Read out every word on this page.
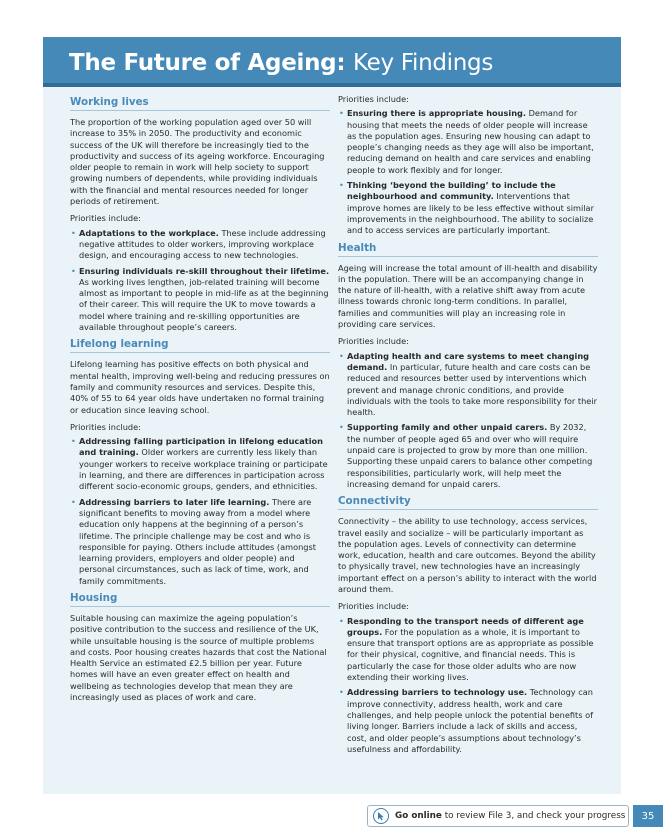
The Future of Ageing: Key Findings
Working lives

The proportion of the working population aged over 50 will increase to 35% in 2050. The productivity and economic success of the UK will therefore be increasingly tied to the productivity and success of its ageing workforce. Encouraging older people to remain in work will help society to support growing numbers of dependents, while providing individuals with the financial and mental resources needed for longer periods of retirement.

Priorities include:

• Adaptations to the workplace. These include addressing negative attitudes to older workers, improving workplace design, and encouraging access to new technologies.
• Ensuring individuals re-skill throughout their lifetime. As working lives lengthen, job-related training will become almost as important to people in mid-life as at the beginning of their career. This will require the UK to move towards a model where training and re-skilling opportunities are available throughout people’s careers.
Lifelong learning

Lifelong learning has positive effects on both physical and mental health, improving well-being and reducing pressures on family and community resources and services. Despite this, 40% of 55 to 64 year olds have undertaken no formal training or education since leaving school.

Priorities include:

• Addressing falling participation in lifelong education and training. Older workers are currently less likely than younger workers to receive workplace training or participate in learning, and there are differences in participation across different socio-economic groups, genders, and ethnicities.
• Addressing barriers to later life learning. There are significant benefits to moving away from a model where education only happens at the beginning of a person’s lifetime. The principle challenge may be cost and who is responsible for paying. Others include attitudes (amongst learning providers, employers and older people) and personal circumstances, such as lack of time, work, and family commitments.
Housing

Suitable housing can maximize the ageing population’s positive contribution to the success and resilience of the UK, while unsuitable housing is the source of multiple problems and costs. Poor housing creates hazards that cost the National Health Service an estimated £2.5 billion per year. Future homes will have an even greater effect on health and wellbeing as technologies develop that mean they are increasingly used as places of work and care.

Priorities include:

• Ensuring there is appropriate housing. Demand for housing that meets the needs of older people will increase as the population ages. Ensuring new housing can adapt to people’s changing needs as they age will also be important, reducing demand on health and care services and enabling people to work flexibly and for longer.
• Thinking ‘beyond the building’ to include the neighbourhood and community. Interventions that improve homes are likely to be less effective without similar improvements in the neighbourhood. The ability to socialize and to access services are particularly important.
Health

Ageing will increase the total amount of ill-health and disability in the population. There will be an accompanying change in the nature of ill-health, with a relative shift away from acute illness towards chronic long-term conditions. In parallel, families and communities will play an increasing role in providing care services.

Priorities include:

• Adapting health and care systems to meet changing demand. In particular, future health and care costs can be reduced and resources better used by interventions which prevent and manage chronic conditions, and provide individuals with the tools to take more responsibility for their health.
• Supporting family and other unpaid carers. By 2032, the number of people aged 65 and over who will require unpaid care is projected to grow by more than one million. Supporting these unpaid carers to balance other competing responsibilities, particularly work, will help meet the increasing demand for unpaid carers.
Connectivity

Connectivity – the ability to use technology, access services, travel easily and socialize – will be particularly important as the population ages. Levels of connectivity can determine work, education, health and care outcomes. Beyond the ability to physically travel, new technologies have an increasingly important effect on a person’s ability to interact with the world around them.

Priorities include:

• Responding to the transport needs of different age groups. For the population as a whole, it is important to ensure that transport options are as appropriate as possible for their physical, cognitive, and financial needs. This is particularly the case for those older adults who are now extending their working lives.
• Addressing barriers to technology use. Technology can improve connectivity, address health, work and care challenges, and help people unlock the potential benefits of living longer. Barriers include a lack of skills and access, cost, and older people’s assumptions about technology’s usefulness and affordability.
Go online to review File 3, and check your progress	35
